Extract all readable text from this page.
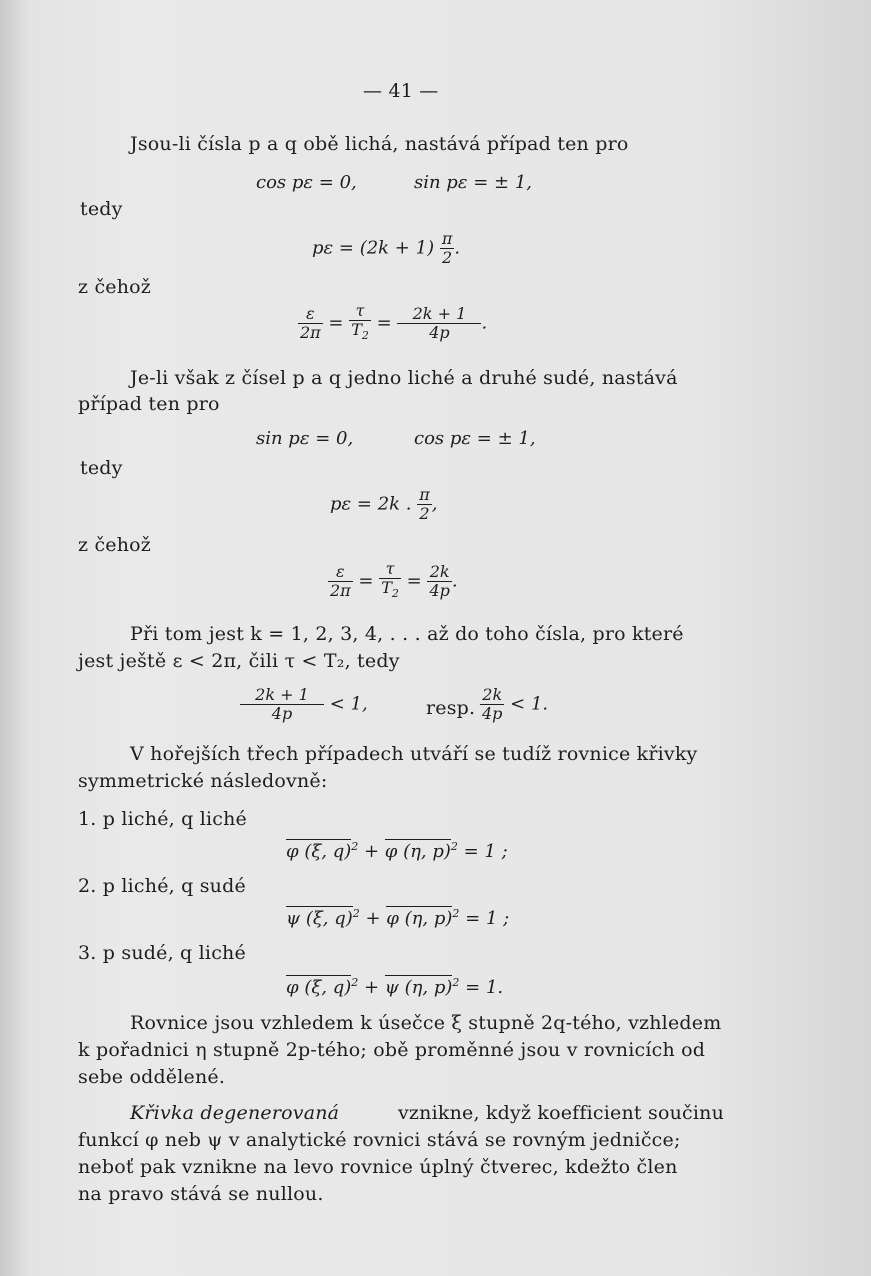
— 41 —
Jsou-li čísla p a q obě lichá, nastává případ ten pro
cos pε = 0,	sin pε = ± 1,
tedy
$p\varepsilon = (2k + 1) \frac{\pi}{2}$ .
z čehož
$\frac{\varepsilon}{2\pi} = \frac{\tau}{T_2} = \frac{2k + 1}{4p}$ .
Je-li však z čísel p a q jedno liché a druhé sudé, nastává
případ ten pro
sin pε = 0,	cos pε = ± 1,
tedy
pε = 2k . $\frac{\pi}{2}$ ,
z čehož
$\frac{\varepsilon}{2\pi} = \frac{\tau}{T_2} = \frac{2k}{4p}$ .
Při tom jest k = 1, 2, 3, 4, . . . až do toho čísla, pro které
jest ještě ε < 2π, čili τ < T₂, tedy
$\frac{2k + 1}{4p} < 1$,	resp. $\frac{2k}{4p} < 1$.
V hořejších třech případech utváří se tudíž rovnice křivky
symmetrické následovně:
1. p liché, q liché
φ (ξ, q)$^2$ + φ (η, p)$^2$ = 1 ;
2. p liché, q sudé
ψ (ξ, q)$^2$ + φ (η, p)$^2$ = 1 ;
3. p sudé, q liché
φ (ξ, q)$^2$ + ψ (η, p)$^2$ = 1.
Rovnice jsou vzhledem k úsečce ξ stupně 2q-tého, vzhledem
k pořadnici η stupně 2p-tého; obě proměnné jsou v rovnicích od
sebe oddělené.
Křivka degenerovaná	vznikne, když koefficient součinu
funkcí φ neb ψ v analytické rovnici stává se rovným jedničce;
neboť pak vznikne na levo rovnice úplný čtverec, kdežto člen
na pravo stává se nullou.
